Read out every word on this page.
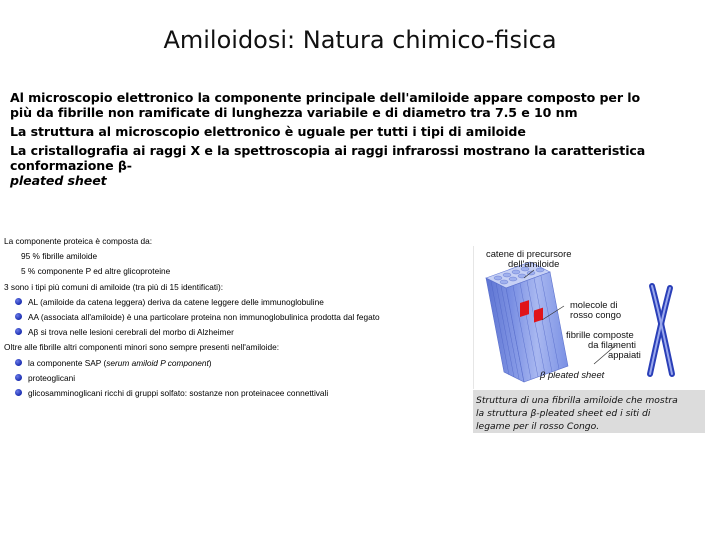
Amiloidosi: Natura chimico-fisica

Al microscopio elettronico la componente principale dell'amiloide appare composto per lo più da fibrille non ramificate di lunghezza variabile e di diametro tra 7.5 e 10 nm

La struttura al microscopio elettronico è uguale per tutti i tipi di amiloide

La cristallografia ai raggi X e la spettroscopia ai raggi infrarossi mostrano la caratteristica conformazione β-
pleated sheet

La componente proteica è composta da:
95 % fibrille amiloide
5 % componente P ed altre glicoproteine
3 sono i tipi più comuni di amiloide (tra più di 15 identificati):
AL (amiloide da catena leggera) deriva da catene leggere delle immunoglobuline
AA (associata all'amiloide) è una particolare proteina non immunoglobulinica prodotta dal fegato
Aβ si trova nelle lesioni cerebrali del morbo di Alzheimer
Oltre alle fibrille altri componenti minori sono sempre presenti nell'amiloide:
la componente SAP (serum amiloid P component)
proteoglicani
glicosamminoglicani ricchi di gruppi solfato: sostanze non proteinacee connettivali
catene di precursore
dell'amiloide
molecole di
rosso congo
fibrille composte
da filamenti
appaiati
β pleated sheet
Struttura di una fibrilla amiloide che mostra
la struttura β-pleated sheet ed i siti di
legame per il rosso Congo.
